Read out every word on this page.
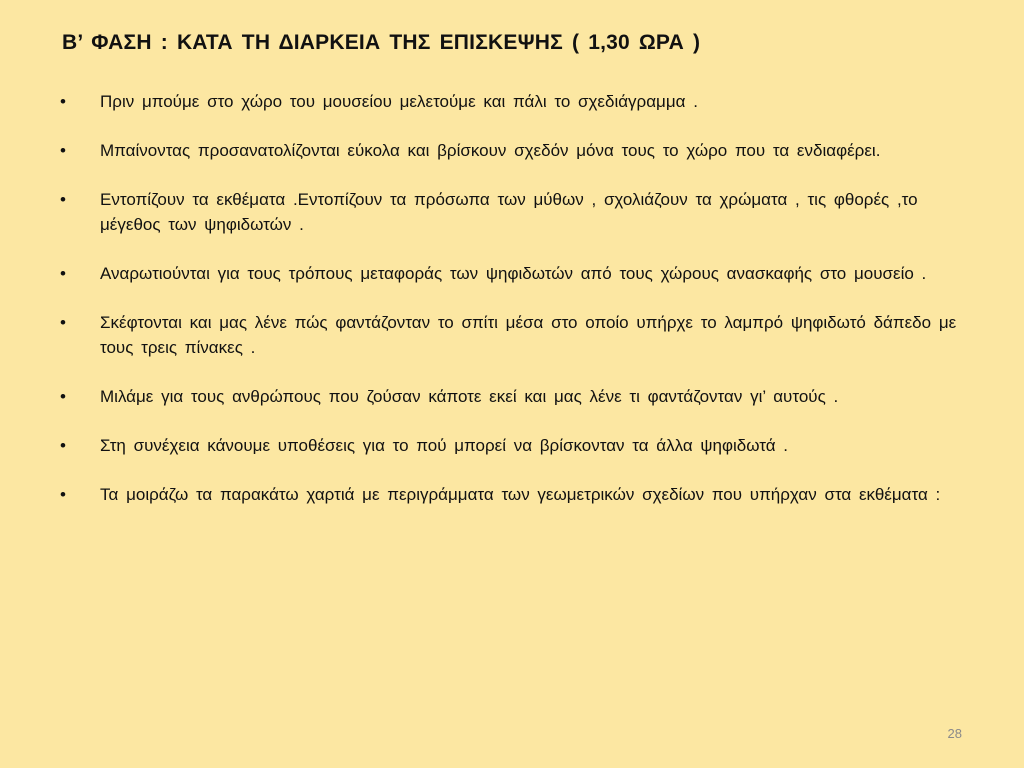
Β’ ΦΑΣΗ : ΚΑΤΑ ΤΗ ΔΙΑΡΚΕΙΑ ΤΗΣ ΕΠΙΣΚΕΨΗΣ ( 1,30 ΩΡΑ )
•	Πριν μπούμε στο χώρο του μουσείου μελετούμε και πάλι το σχεδιάγραμμα .
•	Μπαίνοντας προσανατολίζονται εύκολα και βρίσκουν σχεδόν μόνα τους το χώρο που τα ενδιαφέρει.
•	Εντοπίζουν τα εκθέματα .Εντοπίζουν τα πρόσωπα των μύθων , σχολιάζουν τα χρώματα , τις φθορές ,το μέγεθος των ψηφιδωτών .
•	Αναρωτιούνται για τους τρόπους μεταφοράς των ψηφιδωτών από τους χώρους ανασκαφής στο μουσείο .
•	Σκέφτονται και μας λένε πώς φαντάζονταν το σπίτι μέσα στο οποίο υπήρχε το λαμπρό ψηφιδωτό δάπεδο με τους τρεις πίνακες .
•	Μιλάμε για τους ανθρώπους που ζούσαν κάποτε εκεί και μας λένε τι φαντάζονταν γι’ αυτούς .
•	Στη συνέχεια κάνουμε υποθέσεις για το πού μπορεί να βρίσκονταν τα άλλα ψηφιδωτά .
•	Τα μοιράζω τα παρακάτω χαρτιά με περιγράμματα των γεωμετρικών σχεδίων που υπήρχαν στα εκθέματα :
28
